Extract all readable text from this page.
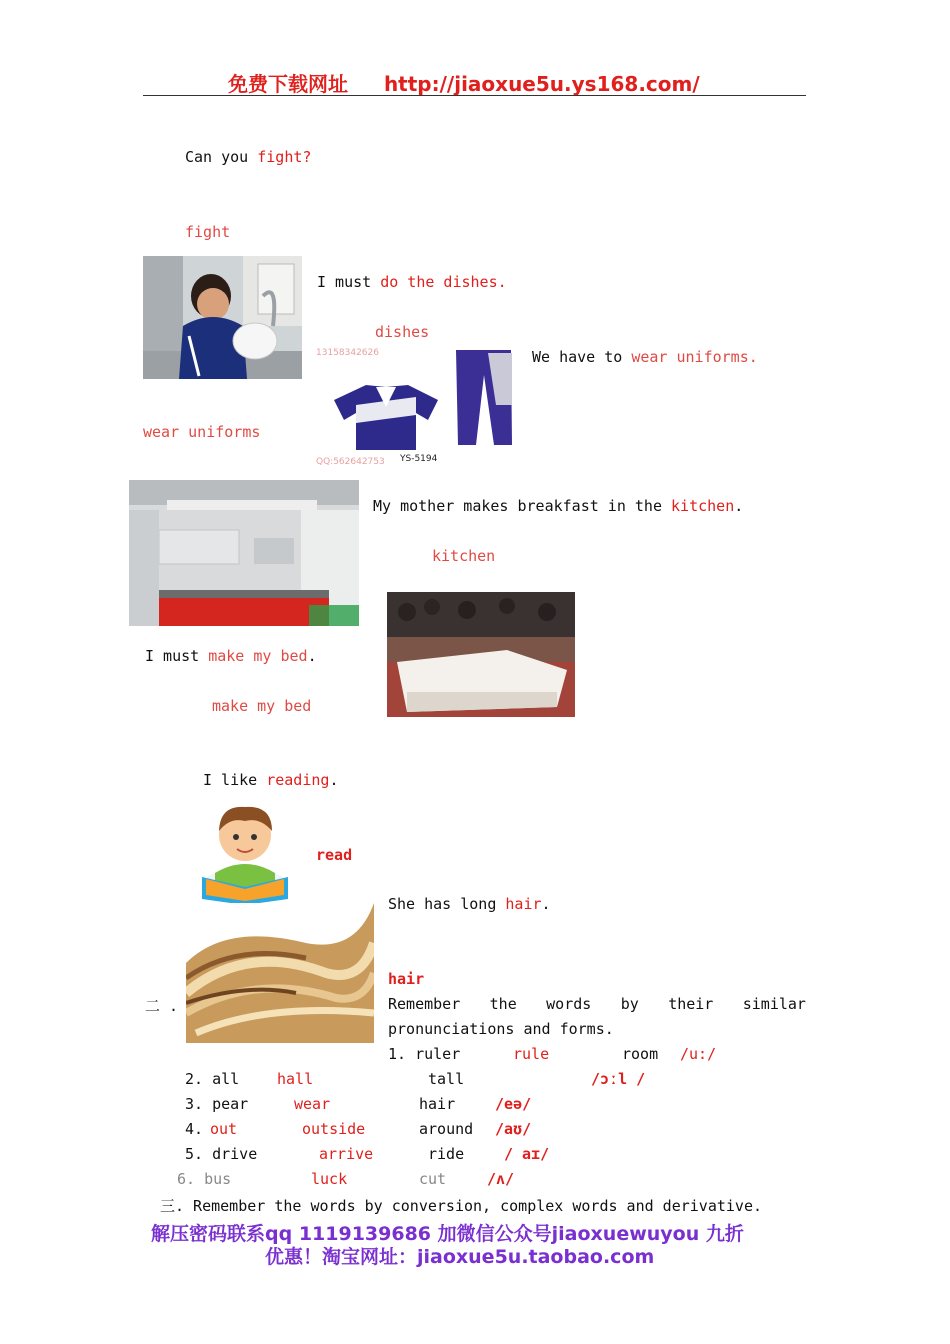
免费下载网址 http://jiaoxue5u.ys168.com/
Can you fight?
fight
I must do the dishes.
dishes
13158342626
QQ:562642753 YS-5194
We have to wear uniforms.
wear uniforms
My mother makes breakfast in the kitchen.
kitchen
I must make my bed.
make my bed
I like reading.
read
She has long hair.
hair
二 .	Remember the words by their similar
pronunciations and forms.
1. ruler	rule	room /u:/
2. all	hall	tall	/ɔːl /
3. pear	wear	hair	/eə/
4. out	outside	around /aʊ/
5. drive	arrive	ride	/ aɪ/
6. bus	luck	cut	/ʌ/
三. Remember the words by conversion, complex words and derivative.
解压密码联系qq 1119139686 加微信公众号jiaoxuewuyou 九折
优惠！淘宝网址：jiaoxue5u.taobao.com
